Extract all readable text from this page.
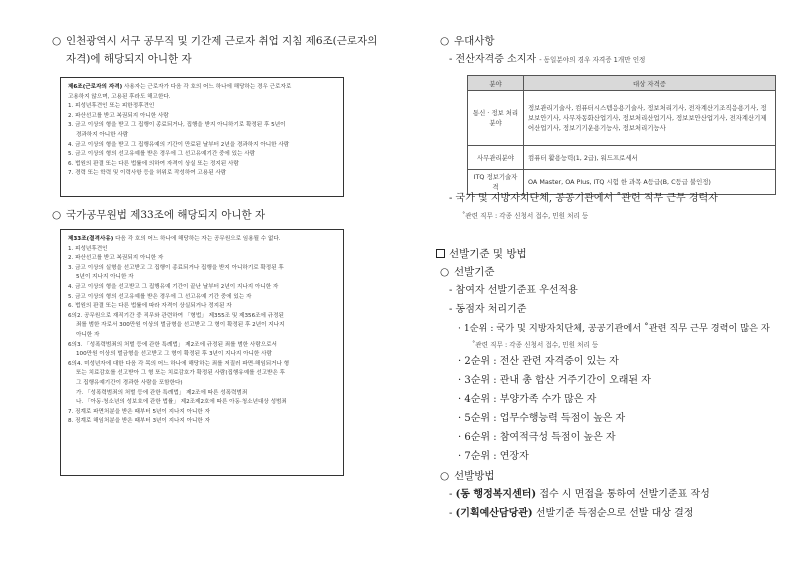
○ 인천광역시 서구 공무직 및 기간제 근로자 취업 지침 제6조(근로자의
자격)에 해당되지 아니한 자
제6조(근로자의 자격) 사용자는 근로자가 다음 각 호의 어느 하나에 해당하는 경우 근로자로
고용하지 않으며, 고용된 후라도 해고한다.
1. 피성년후견인 또는 피한정후견인
2. 파산선고를 받고 복권되지 아니한 사람
3. 금고 이상의 형을 받고 그 집행이 종료되거나, 집행을 받지 아니하기로 확정된 후 5년이
경과하지 아니한 사람
4. 금고 이상의 형을 받고 그 집행유예의 기간이 만료된 날부터 2년을 경과하지 아니한 사람
5. 금고 이상의 형의 선고유예를 받은 경우에 그 선고유예기간 중에 있는 사람
6. 법원의 판결 또는 다른 법률에 의하여 자격이 상실 또는 정지된 사람
7. 경력 또는 학력 및 이력사항 등을 허위로 작성하여 고용된 사람
○ 국가공무원법 제33조에 해당되지 아니한 자
제33조(결격사유) 다음 각 호의 어느 하나에 해당하는 자는 공무원으로 임용될 수 없다.
1. 피성년후견인
2. 파산선고를 받고 복권되지 아니한 자
3. 금고 이상의 실형을 선고받고 그 집행이 종료되거나 집행을 받지 아니하기로 확정된 후
5년이 지나지 아니한 자
4. 금고 이상의 형을 선고받고 그 집행유예 기간이 끝난 날부터 2년이 지나지 아니한 자
5. 금고 이상의 형의 선고유예를 받은 경우에 그 선고유예 기간 중에 있는 자
6. 법원의 판결 또는 다른 법률에 따라 자격이 상실되거나 정지된 자
6의2. 공무원으로 재직기간 중 직무와 관련하여 「형법」 제355조 및 제356조에 규정된
죄를 범한 자로서 300만원 이상의 벌금형을 선고받고 그 형이 확정된 후 2년이 지나지
아니한 자
6의3. 「성폭력범죄의 처벌 등에 관한 특례법」 제2조에 규정된 죄를 범한 사람으로서
100만원 이상의 벌금형을 선고받고 그 형이 확정된 후 3년이 지나지 아니한 사람
6의4. 미성년자에 대한 다음 각 목의 어느 하나에 해당하는 죄를 저질러 파면·해임되거나 형
또는 치료감호를 선고받아 그 형 또는 치료감호가 확정된 사람(집행유예를 선고받은 후
그 집행유예기간이 경과한 사람을 포함한다)
가. 「성폭력범죄의 처벌 등에 관한 특례법」 제2조에 따른 성폭력범죄
나. 「아동·청소년의 성보호에 관한 법률」 제2조제2호에 따른 아동·청소년대상 성범죄
7. 징계로 파면처분을 받은 때부터 5년이 지나지 아니한 자
8. 징계로 해임처분을 받은 때부터 3년이 지나지 아니한 자
○ 우대사항
- 전산자격증 소지자 - 동일분야의 경우 자격증 1개만 인정
분야	대상 자격증
통신 · 정보 처리분야	정보관리기술사, 컴퓨터시스템응용기술사, 정보처리기사, 전자계산기조직응용기사, 정보보안기사, 사무자동화산업기사, 정보처리산업기사, 정보보안산업기사, 전자계산기제어산업기사, 정보기기운용기능사, 정보처리기능사
사무관리분야	컴퓨터 활용능력(1, 2급), 워드프로세서
ITQ 정보기술자격	OA Master, OA Plus, ITQ 시험 한 과목 A등급(B, C등급 불인정)
- 국가 및 지방자치단체, 공공기관에서 ˚관련 직무 근무 경력자
˚관련 직무 : 각종 신청서 접수, 민원 처리 등
선발기준 및 방법
○ 선발기준
- 참여자 선발기준표 우선적용
- 동점자 처리기준
· 1순위 : 국가 및 지방자치단체, 공공기관에서 ˚관련 직무 근무 경력이 많은 자
˚관련 직무 : 각종 신청서 접수, 민원 처리 등
· 2순위 : 전산 관련 자격증이 있는 자
· 3순위 : 관내 총 합산 거주기간이 오래된 자
· 4순위 : 부양가족 수가 많은 자
· 5순위 : 업무수행능력 득점이 높은 자
· 6순위 : 참여적극성 득점이 높은 자
· 7순위 : 연장자
○ 선발방법
- (동 행정복지센터) 접수 시 면접을 통하여 선발기준표 작성
- (기획예산담당관) 선발기준 득점순으로 선발 대상 결정
